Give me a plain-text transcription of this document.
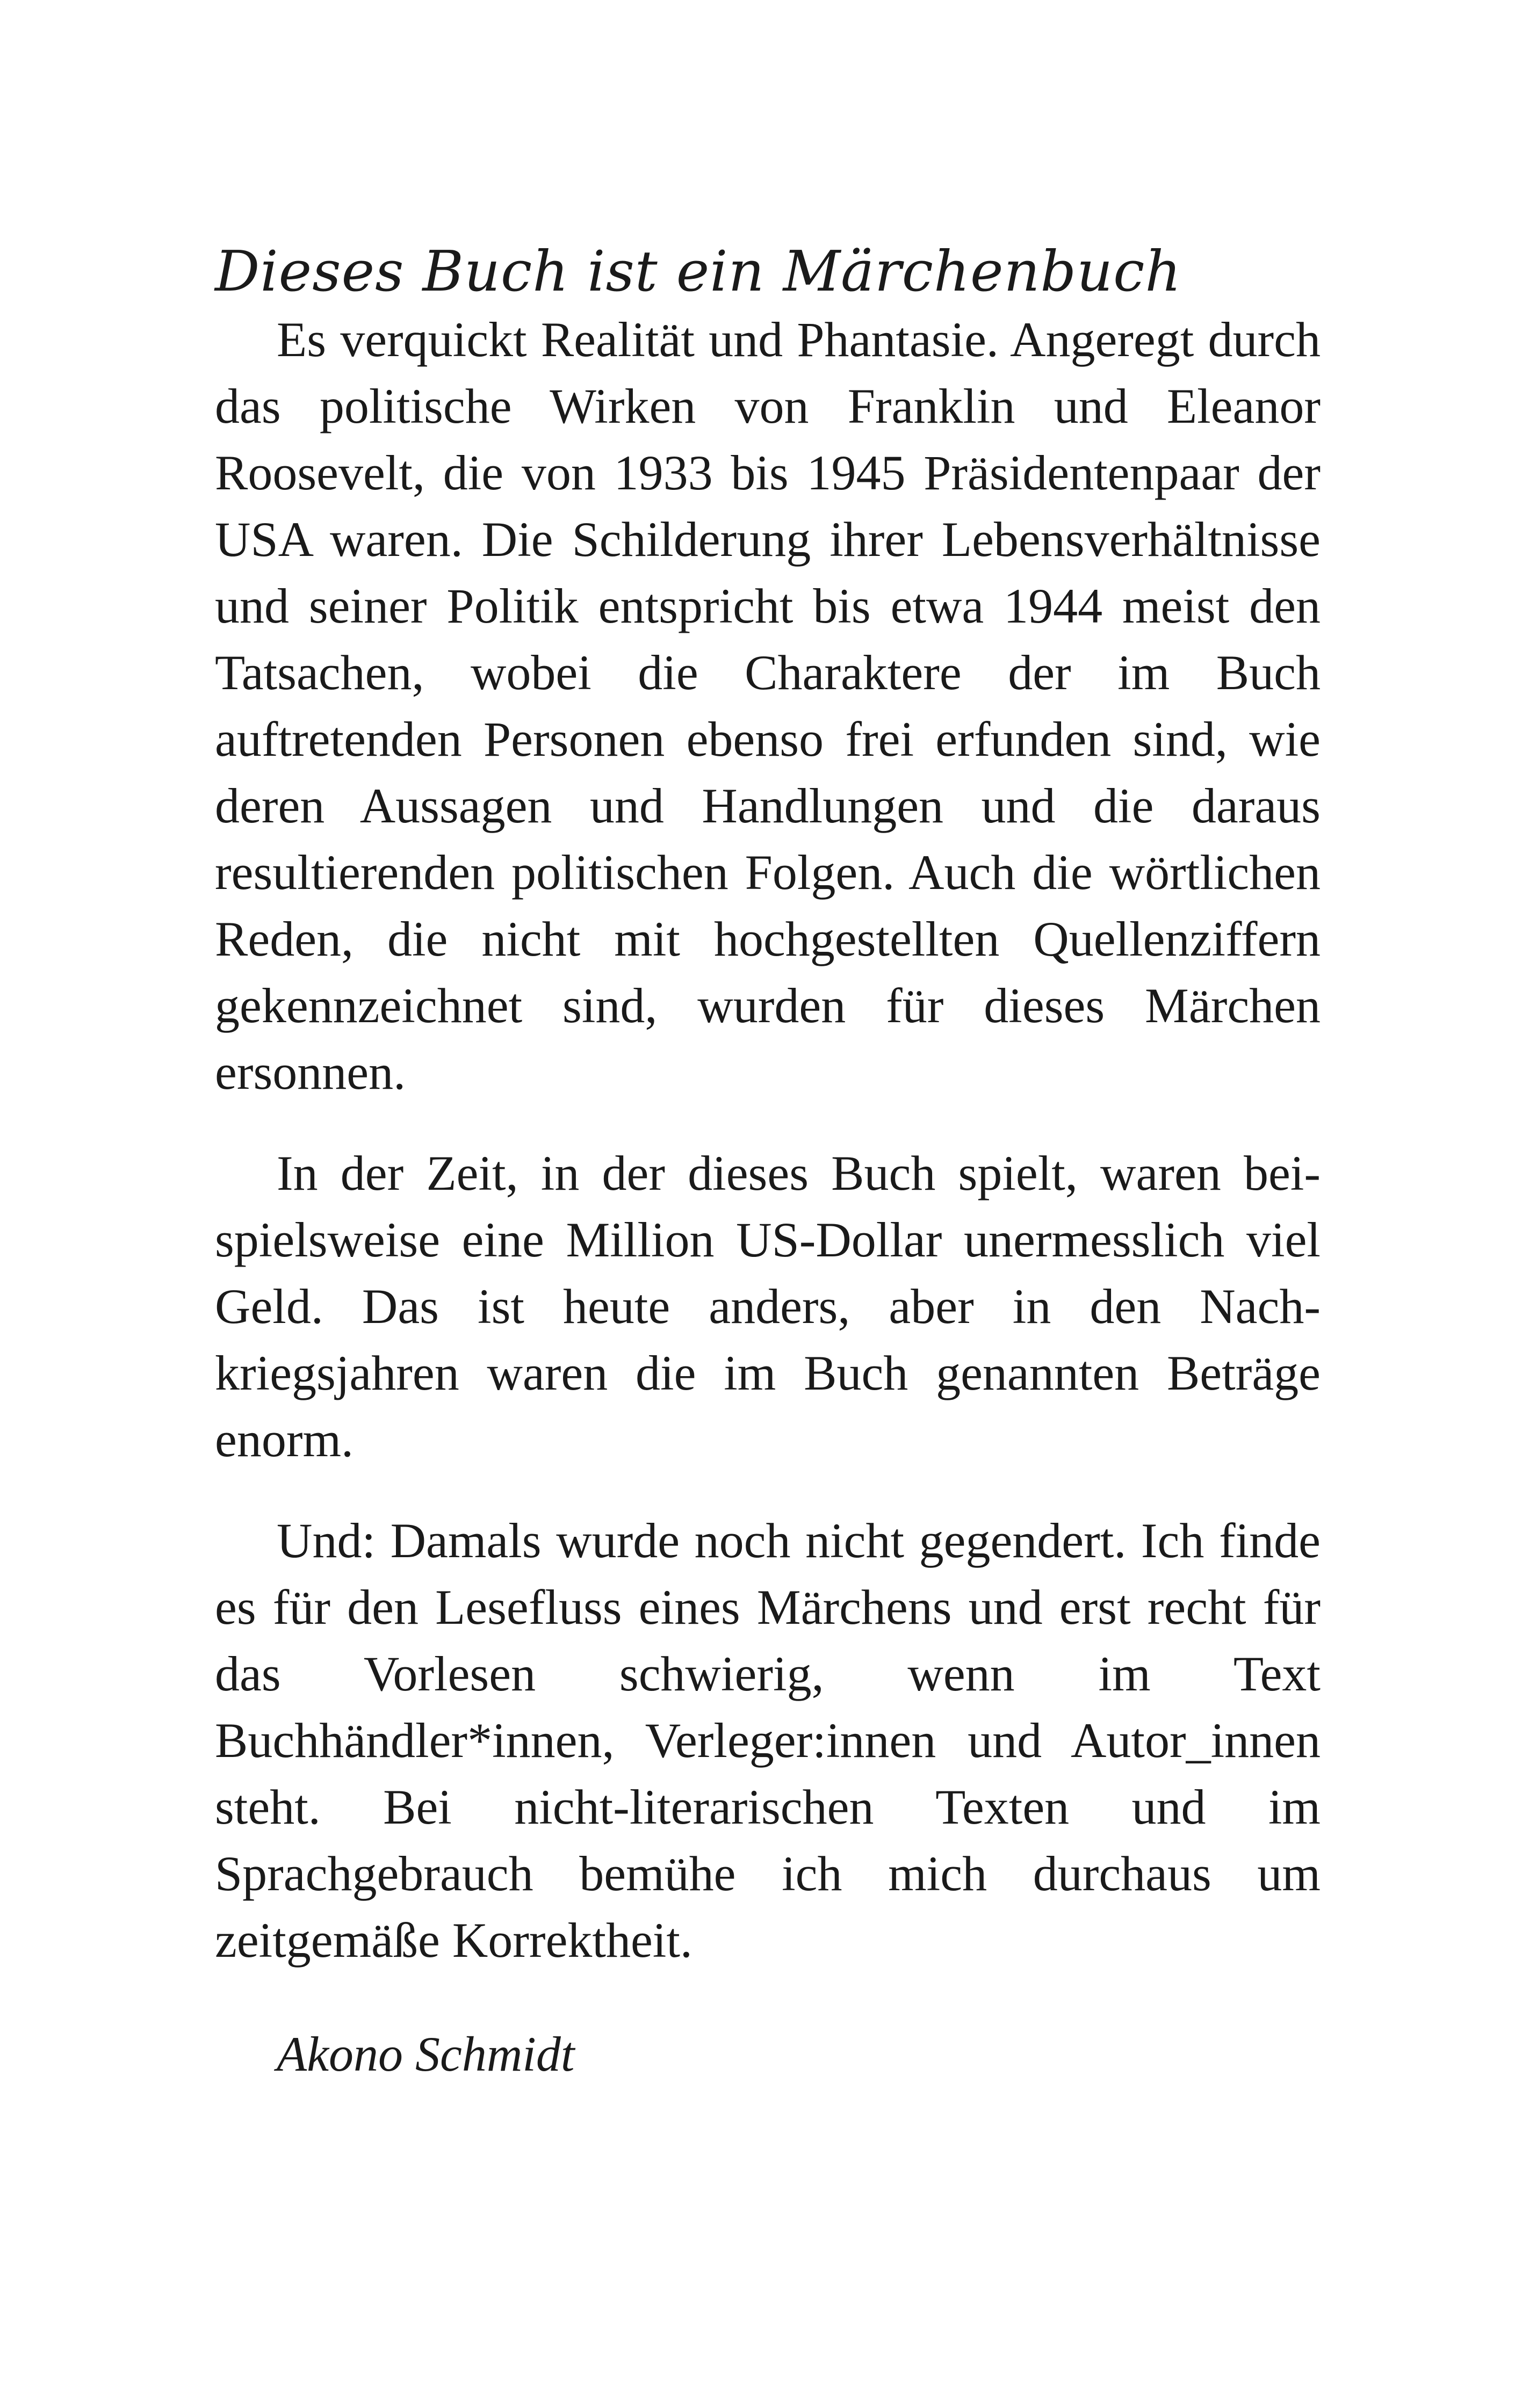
Dieses Buch ist ein Märchenbuch

Es verquickt Realität und Phantasie. Angeregt durch das politische Wirken von Franklin und Eleanor Roosevelt, die von 1933 bis 1945 Präsidentenpaar der USA waren. Die Schilderung ihrer Lebensverhältnisse und seiner Politik entspricht bis etwa 1944 meist den Tatsachen, wobei die Charaktere der im Buch auftretenden Personen ebenso frei erfunden sind, wie deren Aussagen und Handlungen und die daraus resultierenden politischen Folgen. Auch die wörtlichen Reden, die nicht mit hochgestellten Quellenziffern gekennzeichnet sind, wurden für dieses Märchen ersonnen.

In der Zeit, in der dieses Buch spielt, waren beispielsweise eine Million US-Dollar unermesslich viel Geld. Das ist heute anders, aber in den Nachkriegsjahren waren die im Buch genannten Beträge enorm.

Und: Damals wurde noch nicht gegendert. Ich finde es für den Lesefluss eines Märchens und erst recht für das Vorlesen schwierig, wenn im Text Buchhändler*innen, Verleger:innen und Autor_innen steht. Bei nicht-literarischen Texten und im Sprachgebrauch bemühe ich mich durchaus um zeitgemäße Korrektheit.

Akono Schmidt
